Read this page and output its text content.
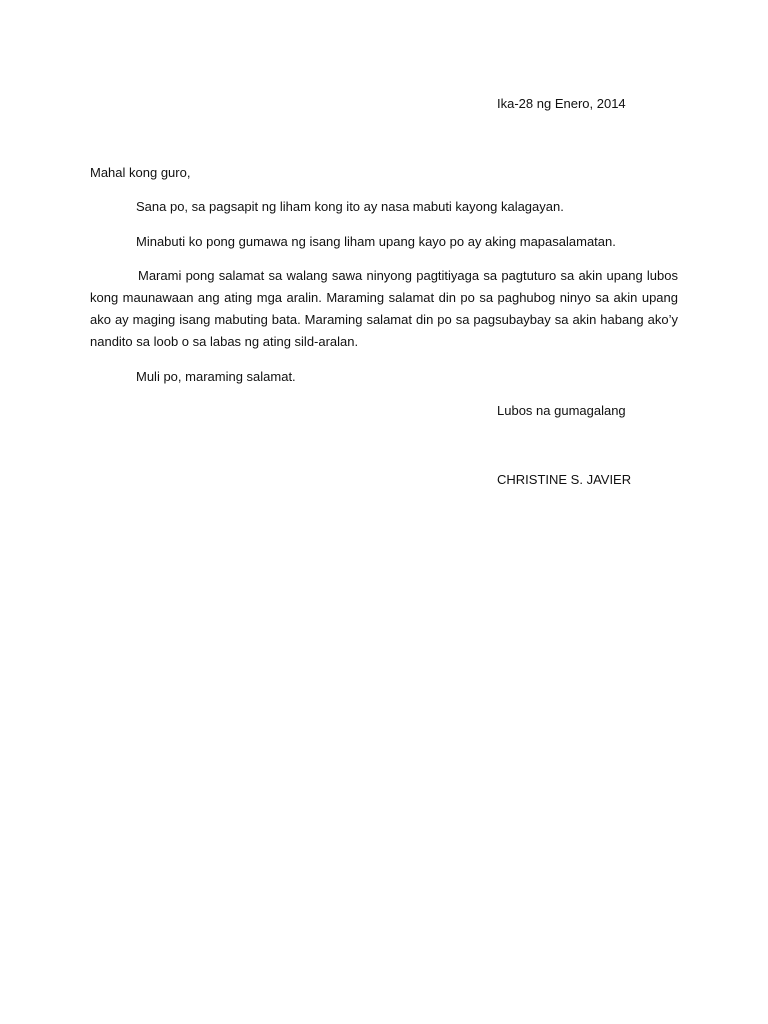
Ika-28 ng Enero, 2014
Mahal kong guro,

Sana po, sa pagsapit ng liham kong ito ay nasa mabuti kayong kalagayan.

Minabuti ko pong gumawa ng isang liham upang kayo po ay aking mapasalamatan.

Marami pong salamat sa walang sawa ninyong pagtitiyaga sa pagtuturo sa akin upang lubos kong maunawaan ang ating mga aralin. Maraming salamat din po sa paghubog ninyo sa akin upang ako ay maging isang mabuting bata. Maraming salamat din po sa pagsubaybay sa akin habang ako’y nandito sa loob o sa labas ng ating sild-aralan.

Muli po, maraming salamat.

Lubos na gumagalang
CHRISTINE S. JAVIER
